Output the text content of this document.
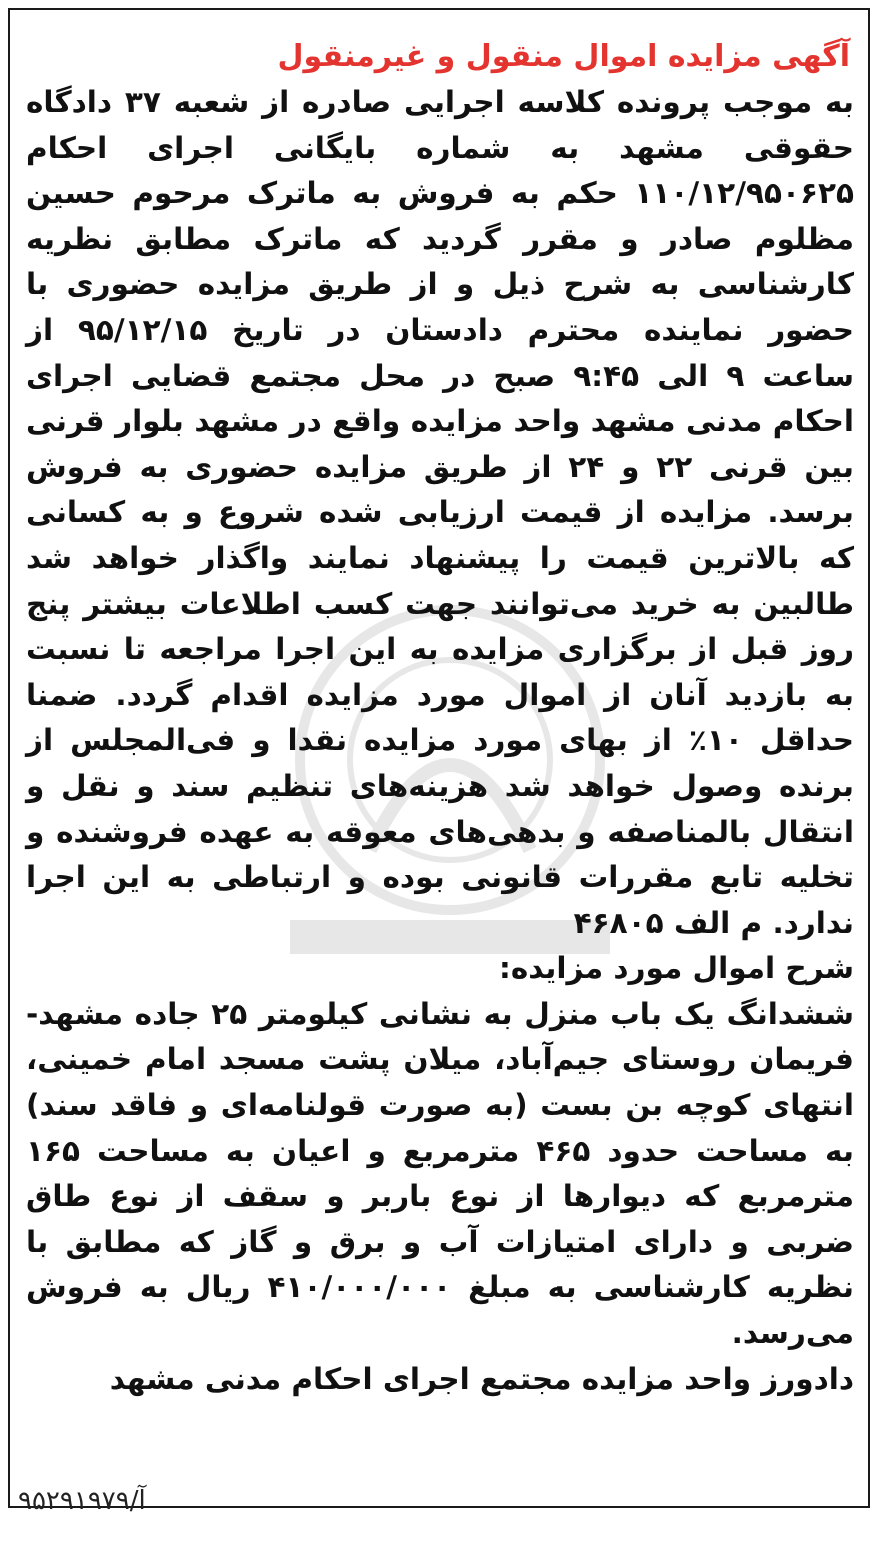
آگهی مزایده اموال منقول و غیرمنقول

به موجب پرونده کلاسه اجرایی صادره از شعبه ۳۷ دادگاه حقوقی مشهد به شماره بایگانی اجرای احکام ۱۱۰/۱۲/۹۵۰۶۲۵ حکم به فروش به ماترک مرحوم حسین مظلوم صادر و مقرر گردید که ماترک مطابق نظریه کارشناسی به شرح ذیل و از طریق مزایده حضوری با حضور نماینده محترم دادستان در تاریخ ۹۵/۱۲/۱۵ از ساعت ۹ الی ۹:۴۵ صبح در محل مجتمع قضایی اجرای احکام مدنی مشهد واحد مزایده واقع در مشهد بلوار قرنی بین قرنی ۲۲ و ۲۴ از طریق مزایده حضوری به فروش برسد. مزایده از قیمت ارزیابی شده شروع و به کسانی که بالاترین قیمت را پیشنهاد نمایند واگذار خواهد شد طالبین به خرید می‌توانند جهت کسب اطلاعات بیشتر پنج روز قبل از برگزاری مزایده به این اجرا مراجعه تا نسبت به بازدید آنان از اموال مورد مزایده اقدام گردد. ضمنا حداقل ۱۰٪ از بهای مورد مزایده نقدا و فی‌المجلس از برنده وصول خواهد شد هزینه‌های تنظیم سند و نقل و انتقال بالمناصفه و بدهی‌های معوقه به عهده فروشنده و تخلیه تابع مقررات قانونی بوده و ارتباطی به این اجرا ندارد. م الف ۴۶۸۰۵

شرح اموال مورد مزایده:

ششدانگ یک باب منزل به نشانی کیلومتر ۲۵ جاده مشهد- فریمان روستای جیم‌آباد، میلان پشت مسجد امام خمینی، انتهای کوچه بن بست (به صورت قولنامه‌ای و فاقد سند) به مساحت حدود ۴۶۵ مترمربع و اعیان به مساحت ۱۶۵ مترمربع که دیوارها از نوع باربر و سقف از نوع طاق ضربی و دارای امتیازات آب و برق و گاز که مطابق با نظریه کارشناسی به مبلغ ۴۱۰/۰۰۰/۰۰۰ ریال به فروش می‌رسد.

دادورز واحد مزایده مجتمع اجرای احکام مدنی مشهد

آ/۹۵۲۹۱۹۷۹
